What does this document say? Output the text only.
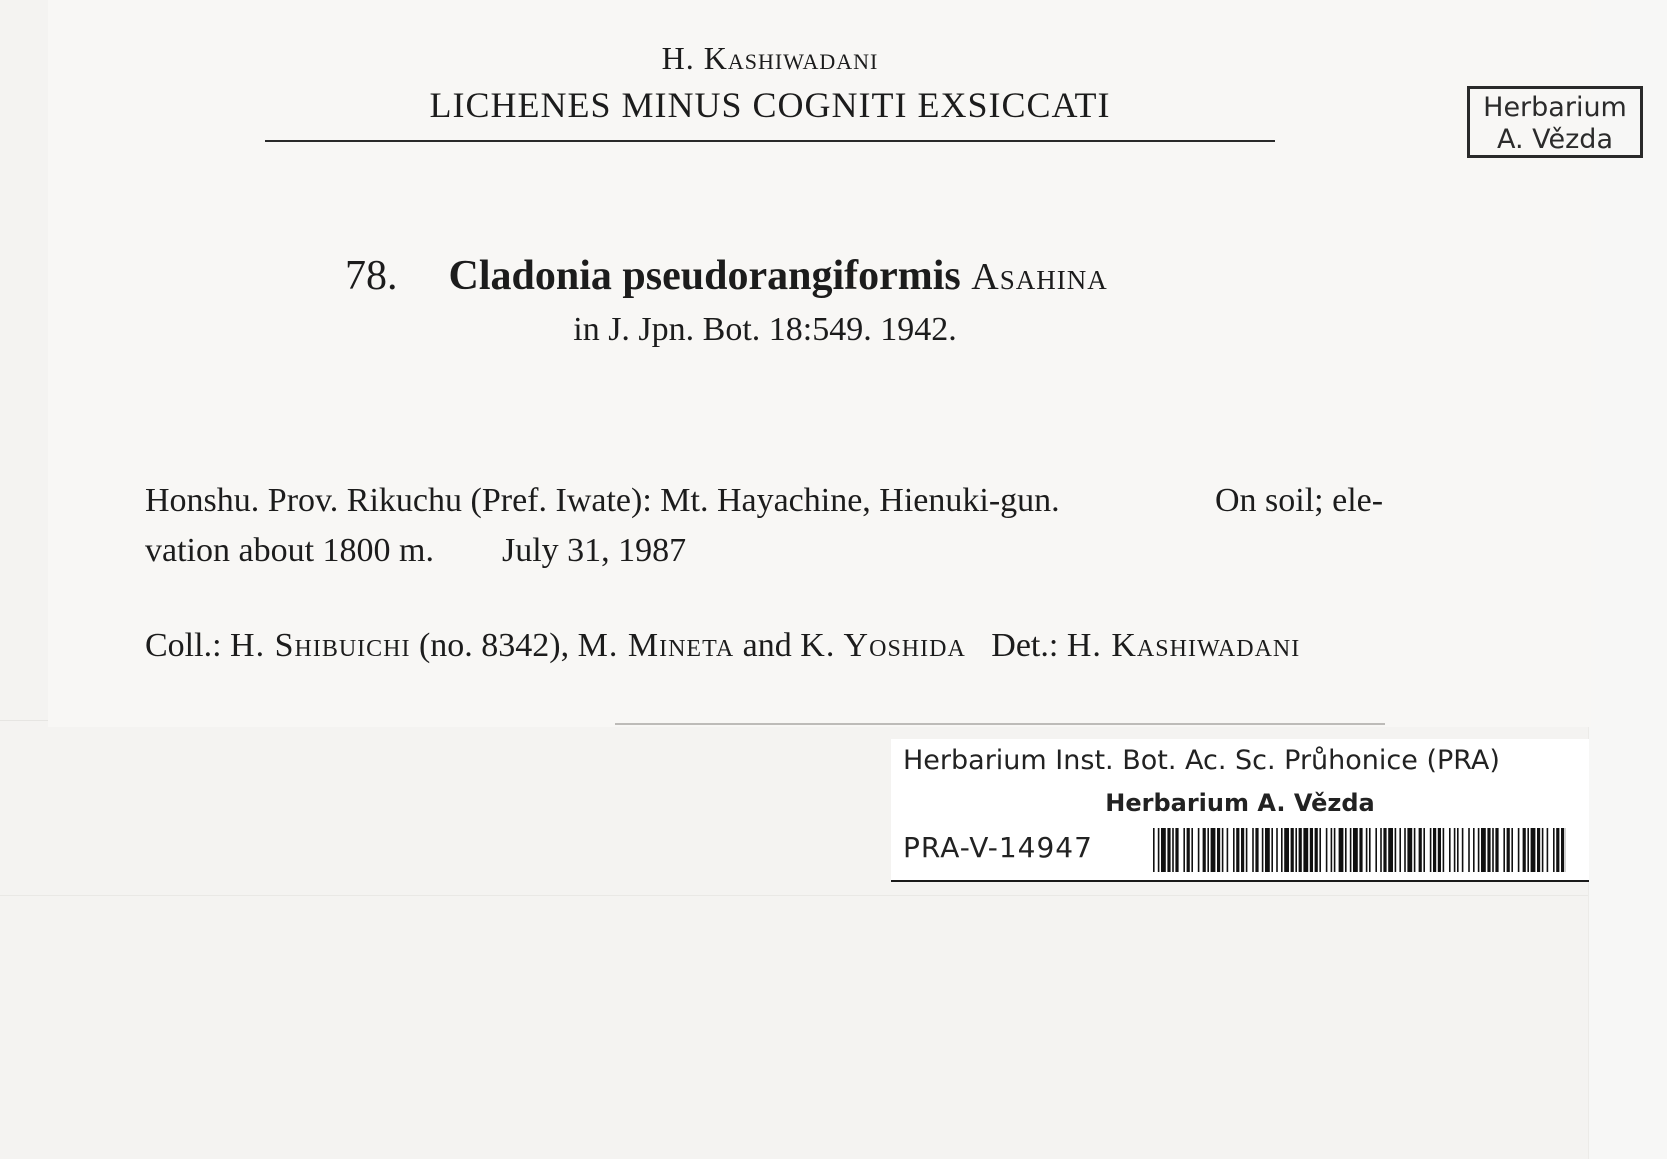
H. Kashiwadani
LICHENES MINUS COGNITI EXSICCATI	Herbarium
A. Vězda
78. Cladonia pseudorangiformis Asahina
in J. Jpn. Bot. 18:549. 1942.
Honshu. Prov. Rikuchu (Pref. Iwate): Mt. Hayachine, Hienuki-gun.	On soil; ele-
vation about 1800 m. July 31, 1987
Coll.: H. Shibuichi (no. 8342), M. Mineta and K. Yoshida Det.: H. Kashiwadani
Herbarium Inst. Bot. Ac. Sc. Průhonice (PRA)
Herbarium A. Vězda
PRA-V-14947
